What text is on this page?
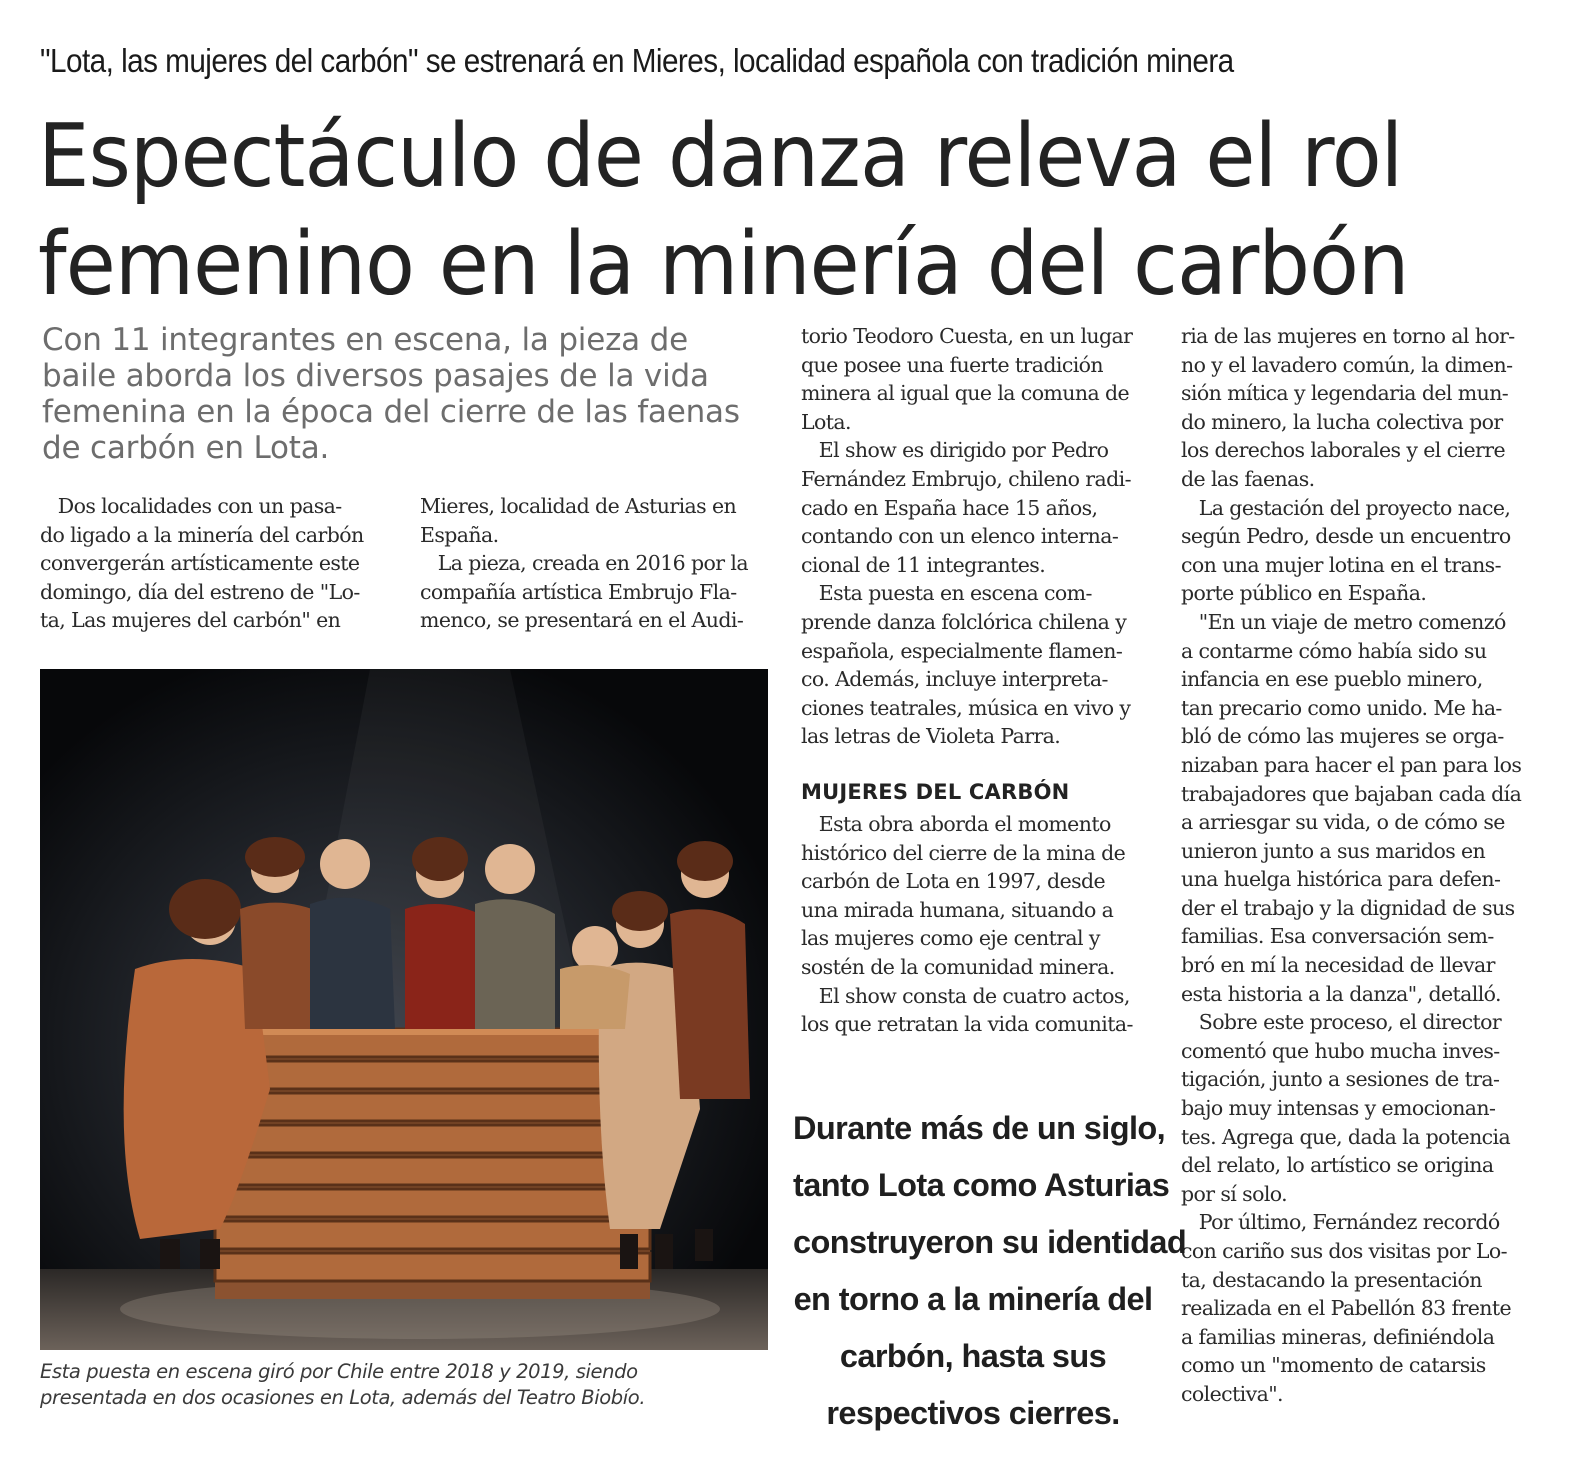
"Lota, las mujeres del carbón" se estrenará en Mieres, localidad española con tradición minera
Espectáculo de danza releva el rol
femenino en la minería del carbón
Con 11 integrantes en escena, la pieza de
baile aborda los diversos pasajes de la vida
femenina en la época del cierre de las faenas
de carbón en Lota.
Dos localidades con un pasa-
do ligado a la minería del carbón
convergerán artísticamente este
domingo, día del estreno de "Lo-
ta, Las mujeres del carbón" en
Mieres, localidad de Asturias en
España.
La pieza, creada en 2016 por la
compañía artística Embrujo Fla-
menco, se presentará en el Audi-
torio Teodoro Cuesta, en un lugar
que posee una fuerte tradición
minera al igual que la comuna de
Lota.
El show es dirigido por Pedro
Fernández Embrujo, chileno radi-
cado en España hace 15 años,
contando con un elenco interna-
cional de 11 integrantes.
Esta puesta en escena com-
prende danza folclórica chilena y
española, especialmente flamen-
co. Además, incluye interpreta-
ciones teatrales, música en vivo y
las letras de Violeta Parra.
MUJERES DEL CARBÓN
Esta obra aborda el momento
histórico del cierre de la mina de
carbón de Lota en 1997, desde
una mirada humana, situando a
las mujeres como eje central y
sostén de la comunidad minera.
El show consta de cuatro actos,
los que retratan la vida comunita-
ria de las mujeres en torno al hor-
no y el lavadero común, la dimen-
sión mítica y legendaria del mun-
do minero, la lucha colectiva por
los derechos laborales y el cierre
de las faenas.
La gestación del proyecto nace,
según Pedro, desde un encuentro
con una mujer lotina en el trans-
porte público en España.
"En un viaje de metro comenzó
a contarme cómo había sido su
infancia en ese pueblo minero,
tan precario como unido. Me ha-
bló de cómo las mujeres se orga-
nizaban para hacer el pan para los
trabajadores que bajaban cada día
a arriesgar su vida, o de cómo se
unieron junto a sus maridos en
una huelga histórica para defen-
der el trabajo y la dignidad de sus
familias. Esa conversación sem-
bró en mí la necesidad de llevar
esta historia a la danza", detalló.
Sobre este proceso, el director
comentó que hubo mucha inves-
tigación, junto a sesiones de tra-
bajo muy intensas y emocionan-
tes. Agrega que, dada la potencia
del relato, lo artístico se origina
por sí solo.
Por último, Fernández recordó
con cariño sus dos visitas por Lo-
ta, destacando la presentación
realizada en el Pabellón 83 frente
a familias mineras, definiéndola
como un "momento de catarsis
colectiva".
Esta puesta en escena giró por Chile entre 2018 y 2019, siendo
presentada en dos ocasiones en Lota, además del Teatro Biobío.
Durante más de un siglo,
tanto Lota como Asturias
construyeron su identidad
en torno a la minería del
carbón, hasta sus
respectivos cierres.
